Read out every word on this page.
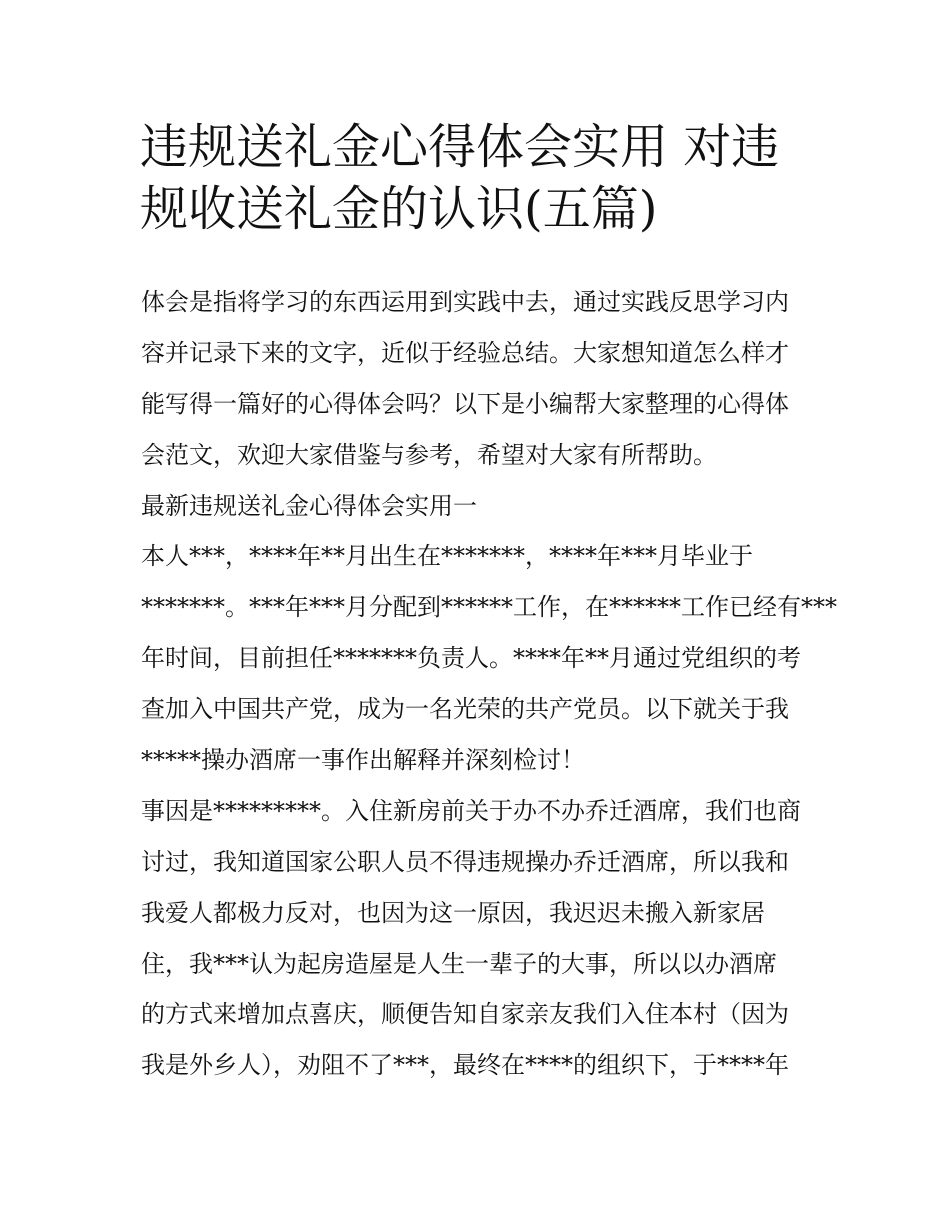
违规送礼金心得体会实用 对违
规收送礼金的认识(五篇)
体会是指将学习的东西运用到实践中去，通过实践反思学习内
容并记录下来的文字，近似于经验总结。大家想知道怎么样才
能写得一篇好的心得体会吗？以下是小编帮大家整理的心得体
会范文，欢迎大家借鉴与参考，希望对大家有所帮助。
最新违规送礼金心得体会实用一
本人***，****年**月出生在*******，****年***月毕业于
*******。***年***月分配到******工作，在******工作已经有***
年时间，目前担任*******负责人。****年**月通过党组织的考
查加入中国共产党，成为一名光荣的共产党员。以下就关于我
*****操办酒席一事作出解释并深刻检讨！
事因是*********。入住新房前关于办不办乔迁酒席，我们也商
讨过，我知道国家公职人员不得违规操办乔迁酒席，所以我和
我爱人都极力反对，也因为这一原因，我迟迟未搬入新家居
住，我***认为起房造屋是人生一辈子的大事，所以以办酒席
的方式来增加点喜庆，顺便告知自家亲友我们入住本村（因为
我是外乡人），劝阻不了***，最终在****的组织下，于****年
